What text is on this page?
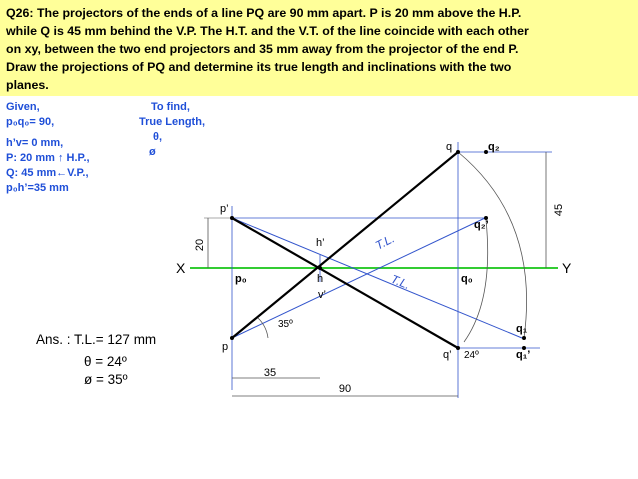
Q26: The projectors of the ends of a line PQ are 90 mm apart. P is 20 mm above the H.P.
while Q is 45 mm behind the V.P. The H.T. and the V.T. of the line coincide with each other
on xy, between the two end projectors and 35 mm away from the projector of the end P.
Draw the projections of PQ and determine its true length and inclinations with the two
planes.
Given,
p₀q₀= 90,
h’v= 0 mm,
P: 20 mm ↑ H.P.,
Q: 45 mm←V.P.,
p₀h’=35 mm
To find,
True Length,
θ,
ø
20
45
35
90
X	Y
p’
p₀
p
q	q₂
q₂’
q₀
q₁
q₁’
q’
h’
h
v’
T.L.
T.L.
35º
24º
Ans. : T.L.= 127 mm
θ = 24º
ø = 35º
